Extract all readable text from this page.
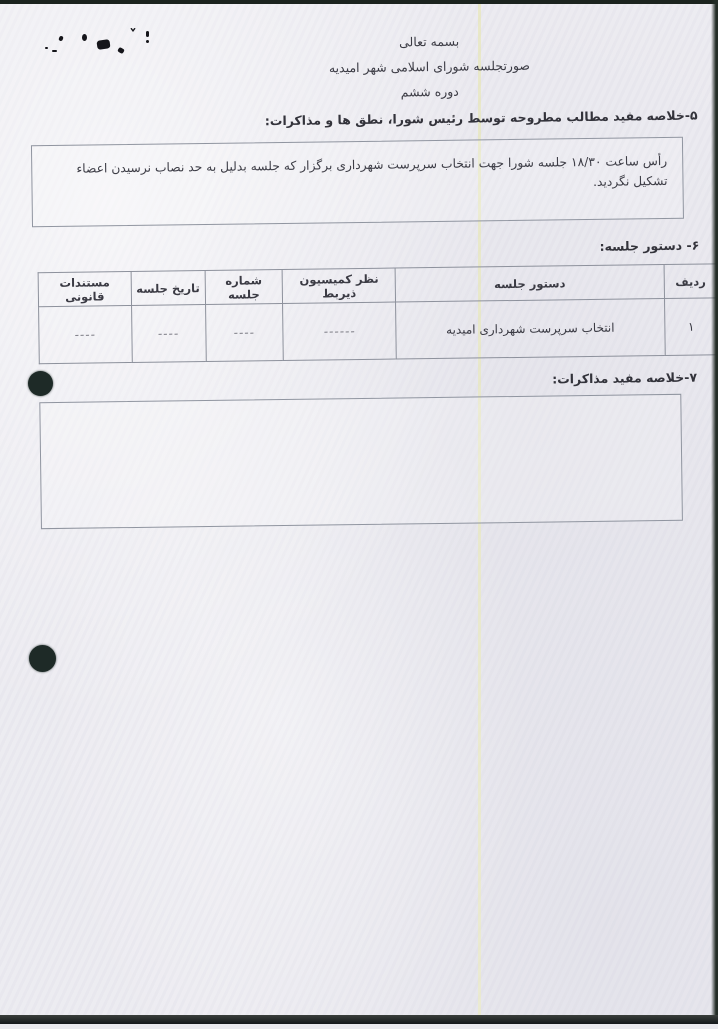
بسمه تعالی
صورتجلسه شورای اسلامی شهر امیدیه
دوره ششم
۵-خلاصه مفید مطالب مطروحه توسط رئیس شورا، نطق ها و مذاکرات:
رأس ساعت ۱۸/۳۰ جلسه شورا جهت انتخاب سرپرست شهرداری برگزار که جلسه بدلیل به حد نصاب نرسیدن اعضاء تشکیل نگردید.
۶- دستور جلسه:
ردیف	دستور جلسه	نظر کمیسیون ذیربط	شماره جلسه	تاریخ جلسه	مستندات قانونی
۱	انتخاب سرپرست شهرداری امیدیه	------	----	----	----
۷-خلاصه مفید مذاکرات:
